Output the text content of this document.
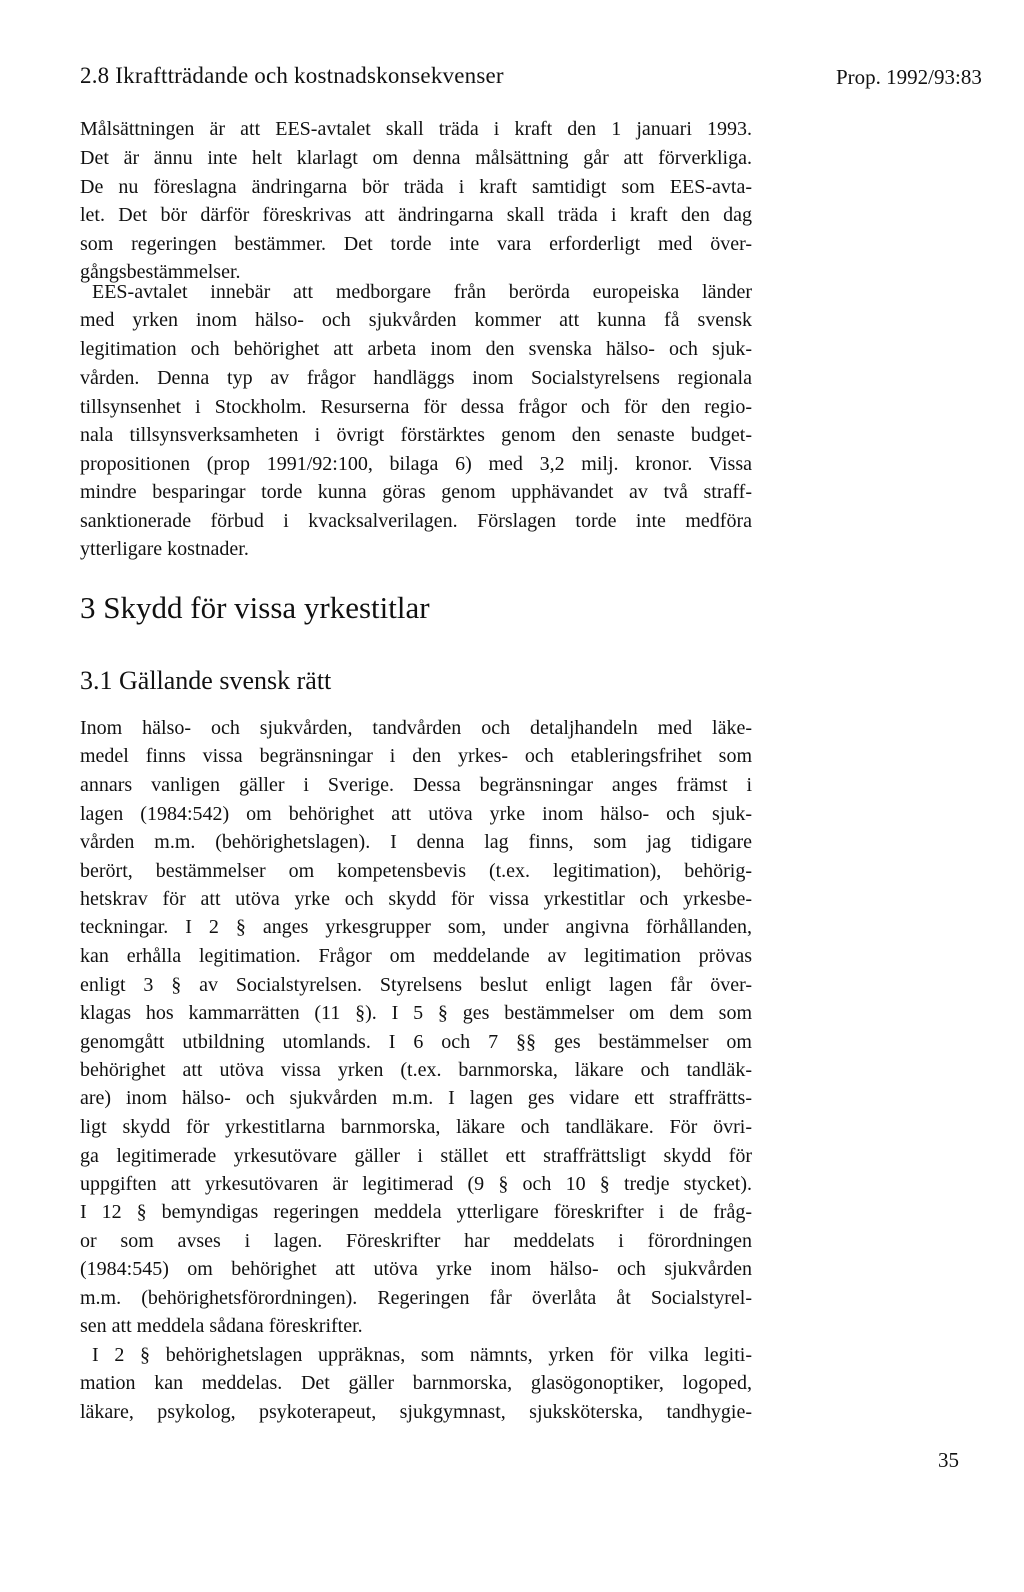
2.8 Ikraftträdande och kostnadskonsekvenser	Prop. 1992/93:83
Målsättningen är att EES-avtalet skall träda i kraft den 1 januari 1993.
Det är ännu inte helt klarlagt om denna målsättning går att förverkliga.
De nu föreslagna ändringarna bör träda i kraft samtidigt som EES-avta-
let. Det bör därför föreskrivas att ändringarna skall träda i kraft den dag
som regeringen bestämmer. Det torde inte vara erforderligt med över-
gångsbestämmelser.
EES-avtalet innebär att medborgare från berörda europeiska länder
med yrken inom hälso- och sjukvården kommer att kunna få svensk
legitimation och behörighet att arbeta inom den svenska hälso- och sjuk-
vården. Denna typ av frågor handläggs inom Socialstyrelsens regionala
tillsynsenhet i Stockholm. Resurserna för dessa frågor och för den regio-
nala tillsynsverksamheten i övrigt förstärktes genom den senaste budget-
propositionen (prop 1991/92:100, bilaga 6) med 3,2 milj. kronor. Vissa
mindre besparingar torde kunna göras genom upphävandet av två straff-
sanktionerade förbud i kvacksalverilagen. Förslagen torde inte medföra
ytterligare kostnader.
3 Skydd för vissa yrkestitlar
3.1 Gällande svensk rätt
Inom hälso- och sjukvården, tandvården och detaljhandeln med läke-
medel finns vissa begränsningar i den yrkes- och etableringsfrihet som
annars vanligen gäller i Sverige. Dessa begränsningar anges främst i
lagen (1984:542) om behörighet att utöva yrke inom hälso- och sjuk-
vården m.m. (behörighetslagen). I denna lag finns, som jag tidigare
berört, bestämmelser om kompetensbevis (t.ex. legitimation), behörig-
hetskrav för att utöva yrke och skydd för vissa yrkestitlar och yrkesbe-
teckningar. I 2 § anges yrkesgrupper som, under angivna förhållanden,
kan erhålla legitimation. Frågor om meddelande av legitimation prövas
enligt 3 § av Socialstyrelsen. Styrelsens beslut enligt lagen får över-
klagas hos kammarrätten (11 §). I 5 § ges bestämmelser om dem som
genomgått utbildning utomlands. I 6 och 7 §§ ges bestämmelser om
behörighet att utöva vissa yrken (t.ex. barnmorska, läkare och tandläk-
are) inom hälso- och sjukvården m.m. I lagen ges vidare ett straffrätts-
ligt skydd för yrkestitlarna barnmorska, läkare och tandläkare. För övri-
ga legitimerade yrkesutövare gäller i stället ett straffrättsligt skydd för
uppgiften att yrkesutövaren är legitimerad (9 § och 10 § tredje stycket).
I 12 § bemyndigas regeringen meddela ytterligare föreskrifter i de fråg-
or som avses i lagen. Föreskrifter har meddelats i förordningen
(1984:545) om behörighet att utöva yrke inom hälso- och sjukvården
m.m. (behörighetsförordningen). Regeringen får överlåta åt Socialstyrel-
sen att meddela sådana föreskrifter.
I 2 § behörighetslagen uppräknas, som nämnts, yrken för vilka legiti-
mation kan meddelas. Det gäller barnmorska, glasögonoptiker, logoped,
läkare, psykolog, psykoterapeut, sjukgymnast, sjuksköterska, tandhygie-
35
